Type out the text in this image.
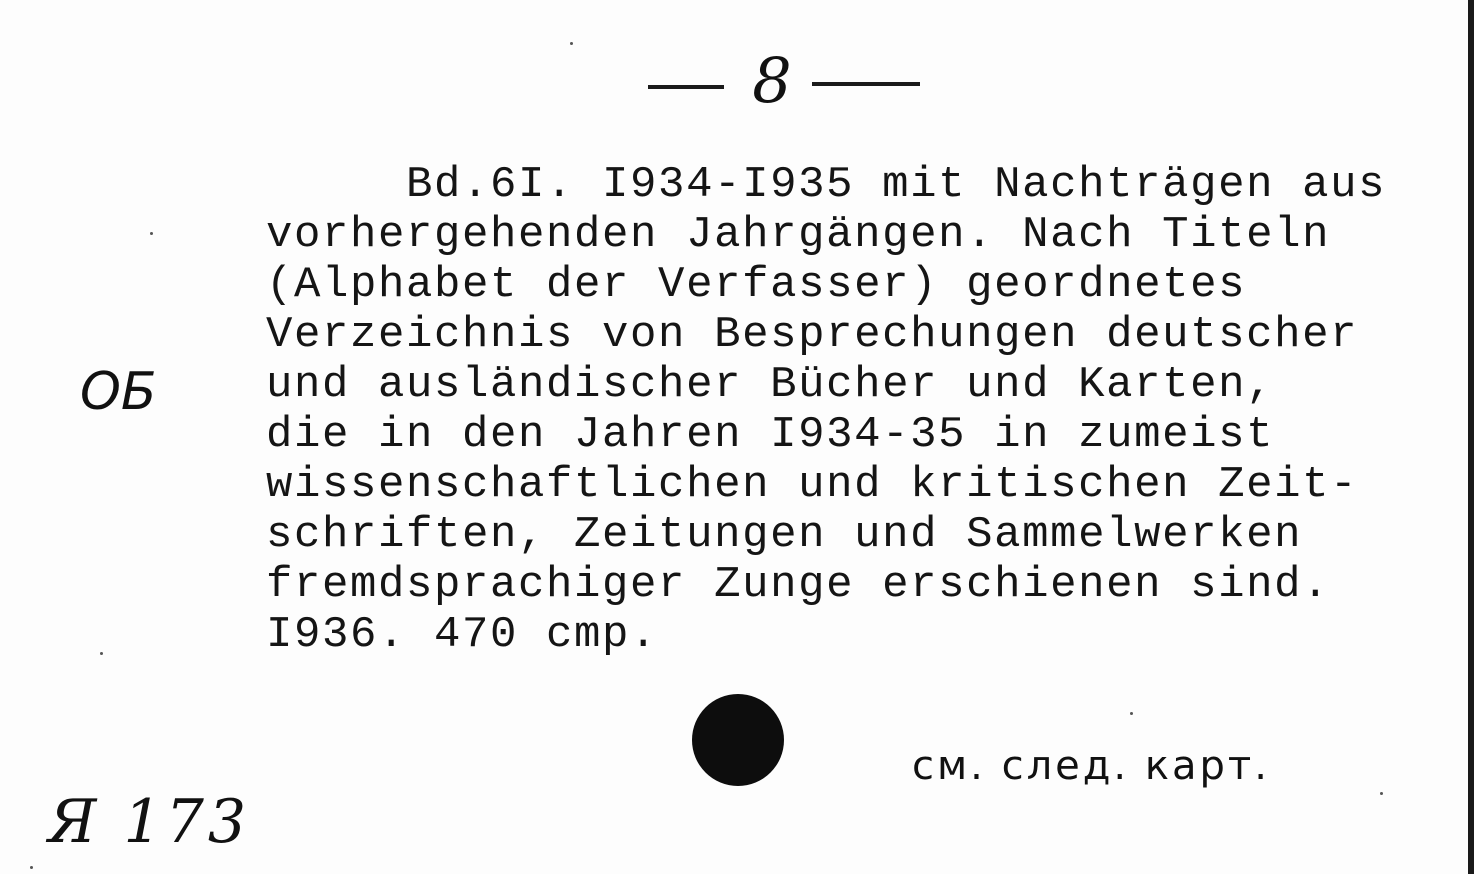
8
Bd.6I. I934-I935 mit Nachträgen aus
vorhergehenden Jahrgängen. Nach Titeln
(Alphabet der Verfasser) geordnetes
Verzeichnis von Besprechungen deutscher
und ausländischer Bücher und Karten,
die in den Jahren I934-35 in zumeist
wissenschaftlichen und kritischen Zeit-
schriften, Zeitungen und Sammelwerken
fremdsprachiger Zunge erschienen sind.
I936. 470 cmp.
ОБ
см. след. карт.
Я 173
